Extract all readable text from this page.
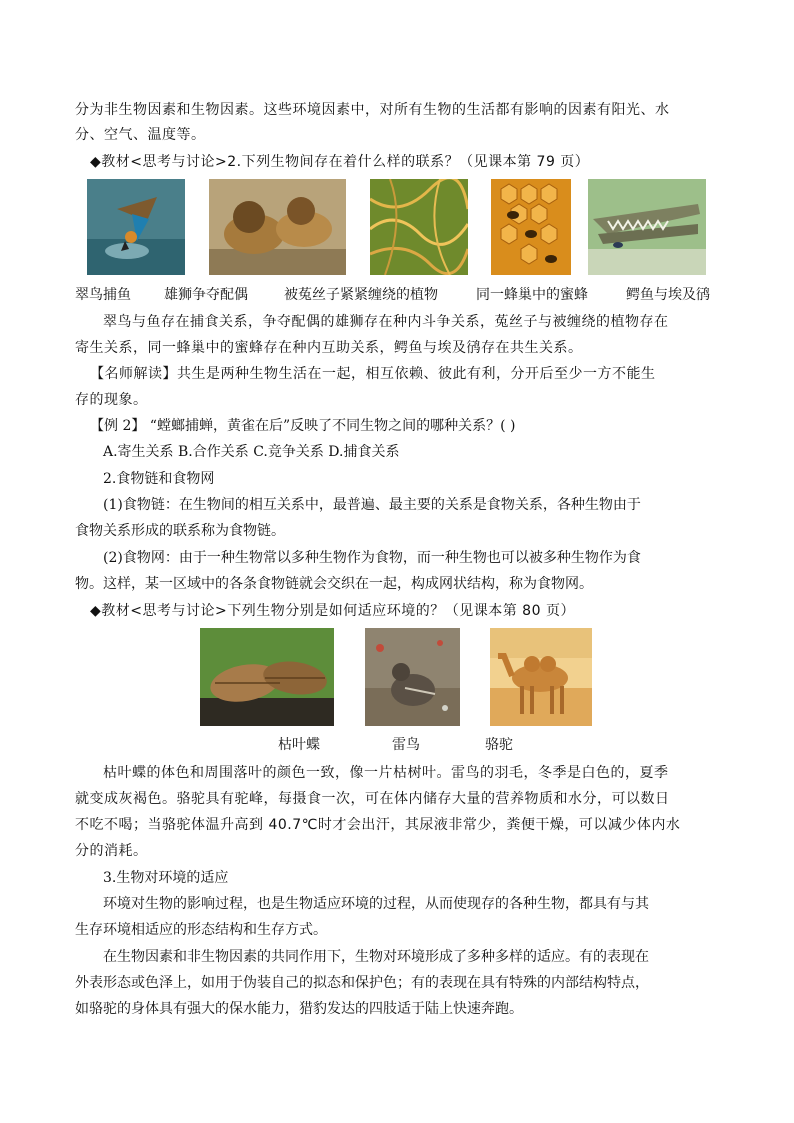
分为非生物因素和生物因素。这些环境因素中，对所有生物的生活都有影响的因素有阳光、水
分、空气、温度等。
◆教材<思考与讨论>2.下列生物间存在着什么样的联系？（见课本第 79 页）
翠鸟捕鱼 雄狮争夺配偶	被菟丝子紧紧缠绕的植物	同一蜂巢中的蜜蜂	鳄鱼与埃及鸻
翠鸟与鱼存在捕食关系，争夺配偶的雄狮存在种内斗争关系，菟丝子与被缠绕的植物存在
寄生关系，同一蜂巢中的蜜蜂存在种内互助关系，鳄鱼与埃及鸻存在共生关系。
【名师解读】共生是两种生物生活在一起，相互依赖、彼此有利，分开后至少一方不能生
存的现象。
【例 2】 “螳螂捕蝉，黄雀在后”反映了不同生物之间的哪种关系？( )
A.寄生关系 B.合作关系 C.竞争关系 D.捕食关系
2.食物链和食物网
(1)食物链：在生物间的相互关系中，最普遍、最主要的关系是食物关系，各种生物由于
食物关系形成的联系称为食物链。
(2)食物网：由于一种生物常以多种生物作为食物，而一种生物也可以被多种生物作为食
物。这样，某一区域中的各条食物链就会交织在一起，构成网状结构，称为食物网。
◆教材<思考与讨论>下列生物分别是如何适应环境的？（见课本第 80 页）
枯叶蝶	雷鸟	骆驼
枯叶蝶的体色和周围落叶的颜色一致，像一片枯树叶。雷鸟的羽毛，冬季是白色的，夏季
就变成灰褐色。骆驼具有驼峰，每摄食一次，可在体内储存大量的营养物质和水分，可以数日
不吃不喝；当骆驼体温升高到 40.7℃时才会出汗，其尿液非常少，粪便干燥，可以减少体内水
分的消耗。
3.生物对环境的适应
环境对生物的影响过程，也是生物适应环境的过程，从而使现存的各种生物，都具有与其
生存环境相适应的形态结构和生存方式。
在生物因素和非生物因素的共同作用下，生物对环境形成了多种多样的适应。有的表现在
外表形态或色泽上，如用于伪装自己的拟态和保护色；有的表现在具有特殊的内部结构特点，
如骆驼的身体具有强大的保水能力，猎豹发达的四肢适于陆上快速奔跑。
